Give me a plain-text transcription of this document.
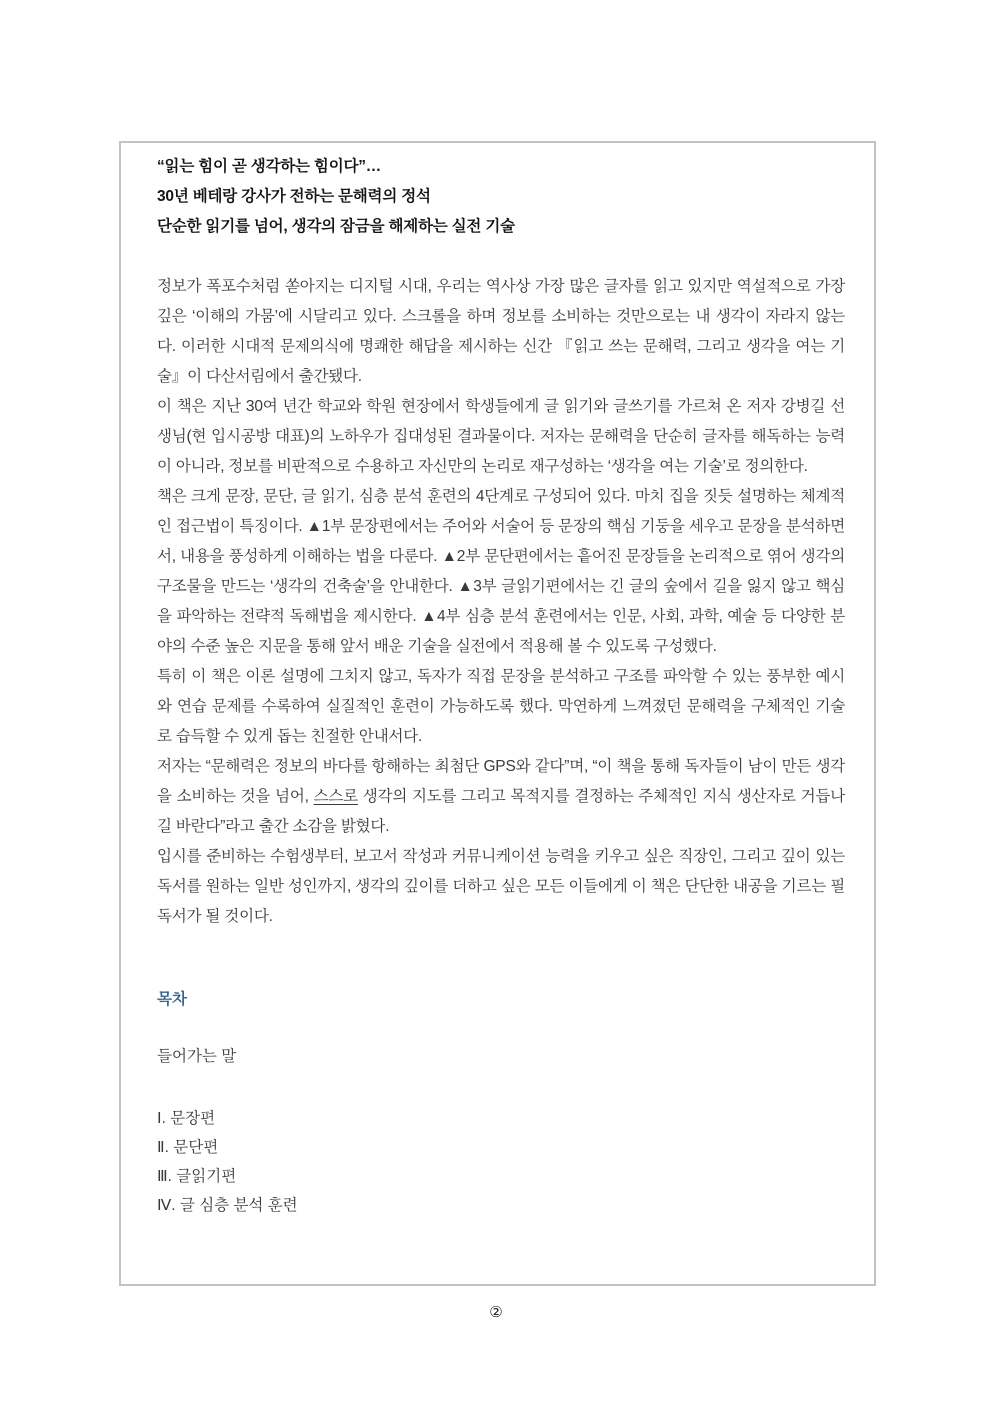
“읽는 힘이 곧 생각하는 힘이다”…
30년 베테랑 강사가 전하는 문해력의 정석
단순한 읽기를 넘어, 생각의 잠금을 해제하는 실전 기술

정보가 폭포수처럼 쏟아지는 디지털 시대, 우리는 역사상 가장 많은 글자를 읽고 있지만 역설적으로 가장 깊은 ‘이해의 가뭄’에 시달리고 있다. 스크롤을 하며 정보를 소비하는 것만으로는 내 생각이 자라지 않는다. 이러한 시대적 문제의식에 명쾌한 해답을 제시하는 신간 『읽고 쓰는 문해력, 그리고 생각을 여는 기술』이 다산서림에서 출간됐다.

이 책은 지난 30여 년간 학교와 학원 현장에서 학생들에게 글 읽기와 글쓰기를 가르쳐 온 저자 강병길 선생님(현 입시공방 대표)의 노하우가 집대성된 결과물이다. 저자는 문해력을 단순히 글자를 해독하는 능력이 아니라, 정보를 비판적으로 수용하고 자신만의 논리로 재구성하는 ‘생각을 여는 기술’로 정의한다.

책은 크게 문장, 문단, 글 읽기, 심층 분석 훈련의 4단계로 구성되어 있다. 마치 집을 짓듯 설명하는 체계적인 접근법이 특징이다. ▲1부 문장편에서는 주어와 서술어 등 문장의 핵심 기둥을 세우고 문장을 분석하면서, 내용을 풍성하게 이해하는 법을 다룬다. ▲2부 문단편에서는 흩어진 문장들을 논리적으로 엮어 생각의 구조물을 만드는 ‘생각의 건축술’을 안내한다. ▲3부 글읽기편에서는 긴 글의 숲에서 길을 잃지 않고 핵심을 파악하는 전략적 독해법을 제시한다. ▲4부 심층 분석 훈련에서는 인문, 사회, 과학, 예술 등 다양한 분야의 수준 높은 지문을 통해 앞서 배운 기술을 실전에서 적용해 볼 수 있도록 구성했다.

특히 이 책은 이론 설명에 그치지 않고, 독자가 직접 문장을 분석하고 구조를 파악할 수 있는 풍부한 예시와 연습 문제를 수록하여 실질적인 훈련이 가능하도록 했다. 막연하게 느껴졌던 문해력을 구체적인 기술로 습득할 수 있게 돕는 친절한 안내서다.

저자는 “문해력은 정보의 바다를 항해하는 최첨단 GPS와 같다”며, “이 책을 통해 독자들이 남이 만든 생각을 소비하는 것을 넘어, 스스로 생각의 지도를 그리고 목적지를 결정하는 주체적인 지식 생산자로 거듭나길 바란다”라고 출간 소감을 밝혔다.

입시를 준비하는 수험생부터, 보고서 작성과 커뮤니케이션 능력을 키우고 싶은 직장인, 그리고 깊이 있는 독서를 원하는 일반 성인까지, 생각의 깊이를 더하고 싶은 모든 이들에게 이 책은 단단한 내공을 기르는 필독서가 될 것이다.

목차
들어가는 말
Ⅰ. 문장편
Ⅱ. 문단편
Ⅲ. 글읽기편
Ⅳ. 글 심층 분석 훈련
②
